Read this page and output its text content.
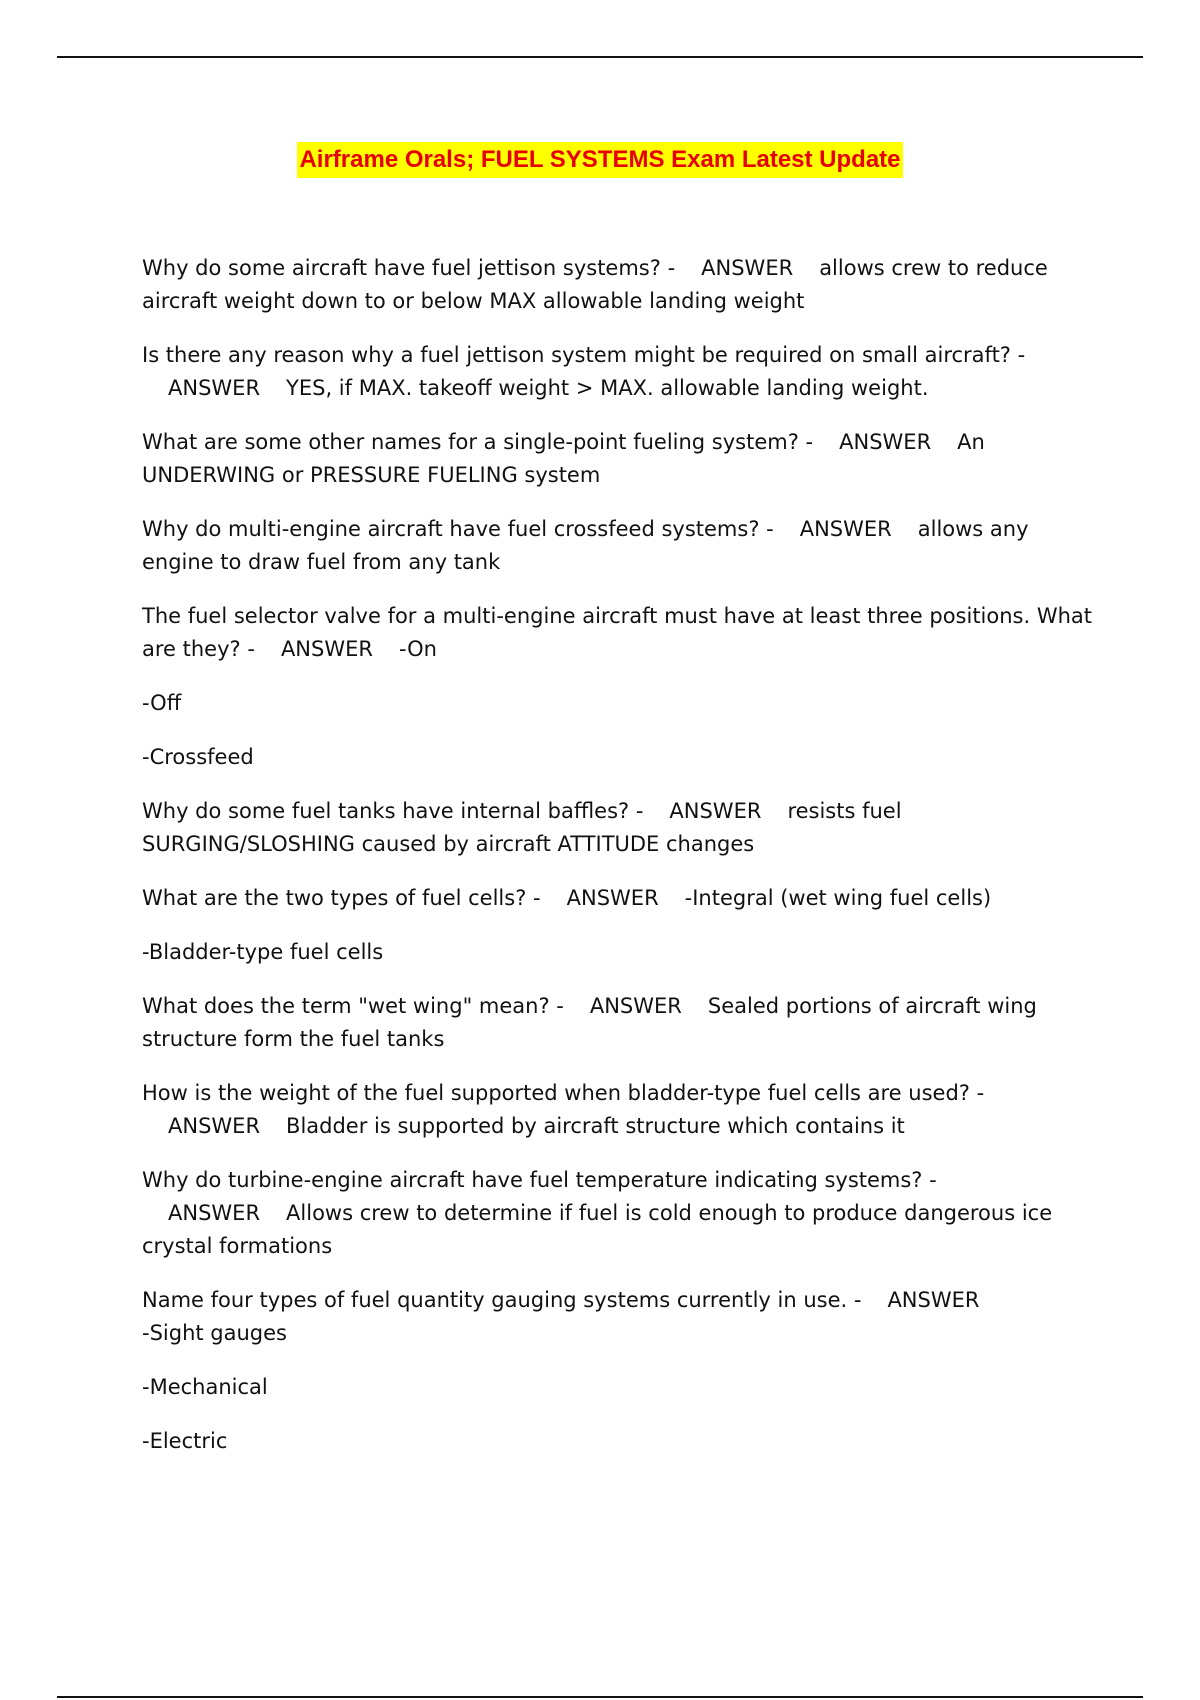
Airframe Orals; FUEL SYSTEMS Exam Latest Update

Why do some aircraft have fuel jettison systems? - ANSWER allows crew to reduce aircraft weight down to or below MAX allowable landing weight

Is there any reason why a fuel jettison system might be required on small aircraft? -ANSWER YES, if MAX. takeoff weight > MAX. allowable landing weight.

What are some other names for a single-point fueling system? - ANSWER An UNDERWING or PRESSURE FUELING system

Why do multi-engine aircraft have fuel crossfeed systems? - ANSWER allows any engine to draw fuel from any tank

The fuel selector valve for a multi-engine aircraft must have at least three positions. What are they? - ANSWER -On

-Off

-Crossfeed

Why do some fuel tanks have internal baffles? - ANSWER resists fuel SURGING/SLOSHING caused by aircraft ATTITUDE changes

What are the two types of fuel cells? - ANSWER -Integral (wet wing fuel cells)

-Bladder-type fuel cells

What does the term "wet wing" mean? - ANSWER Sealed portions of aircraft wing structure form the fuel tanks

How is the weight of the fuel supported when bladder-type fuel cells are used? -ANSWER Bladder is supported by aircraft structure which contains it

Why do turbine-engine aircraft have fuel temperature indicating systems? -ANSWER Allows crew to determine if fuel is cold enough to produce dangerous ice crystal formations

Name four types of fuel quantity gauging systems currently in use. - ANSWER
-Sight gauges

-Mechanical

-Electric
